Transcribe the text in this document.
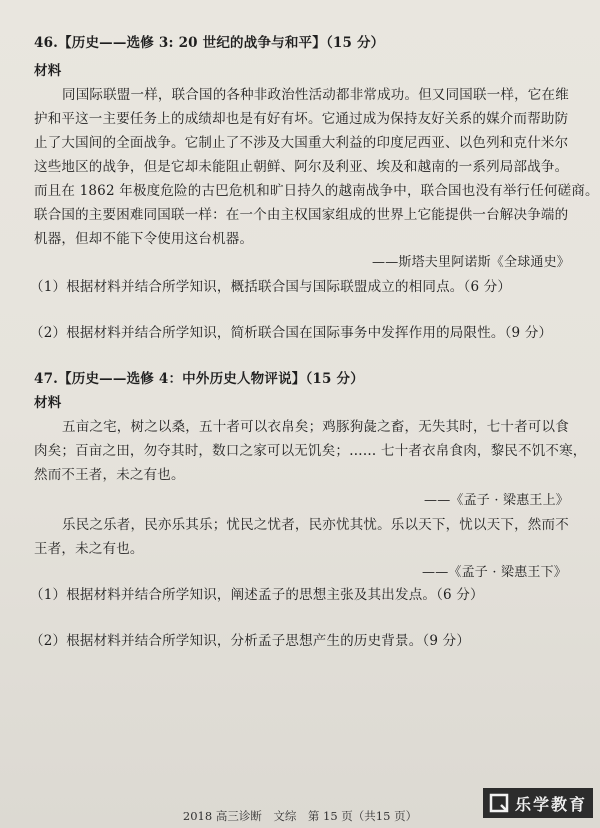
46.【历史——选修 3: 20 世纪的战争与和平】（15 分）
材料
同国际联盟一样，联合国的各种非政治性活动都非常成功。但又同国联一样，它在维
护和平这一主要任务上的成绩却也是有好有坏。它通过成为保持友好关系的媒介而帮助防
止了大国间的全面战争。它制止了不涉及大国重大利益的印度尼西亚、以色列和克什米尔
这些地区的战争，但是它却未能阻止朝鲜、阿尔及利亚、埃及和越南的一系列局部战争。
而且在 1862 年极度危险的古巴危机和旷日持久的越南战争中，联合国也没有举行任何磋商。
联合国的主要困难同国联一样：在一个由主权国家组成的世界上它能提供一台解决争端的
机器，但却不能下令使用这台机器。
——斯塔夫里阿诺斯《全球通史》
（1）根据材料并结合所学知识，概括联合国与国际联盟成立的相同点。（6 分）
（2）根据材料并结合所学知识，简析联合国在国际事务中发挥作用的局限性。（9 分）
47.【历史——选修 4：中外历史人物评说】（15 分）
材料
五亩之宅，树之以桑，五十者可以衣帛矣；鸡豚狗彘之畜，无失其时，七十者可以食
肉矣；百亩之田，勿夺其时，数口之家可以无饥矣；…… 七十者衣帛食肉，黎民不饥不寒，
然而不王者，未之有也。
——《孟子 · 梁惠王上》
乐民之乐者，民亦乐其乐；忧民之忧者，民亦忧其忧。乐以天下，忧以天下，然而不
王者，未之有也。
——《孟子 · 梁惠王下》
（1）根据材料并结合所学知识，阐述孟子的思想主张及其出发点。（6 分）
（2）根据材料并结合所学知识，分析孟子思想产生的历史背景。（9 分）
2018 高三诊断　文综　第 15 页（共15 页）
乐学教育
